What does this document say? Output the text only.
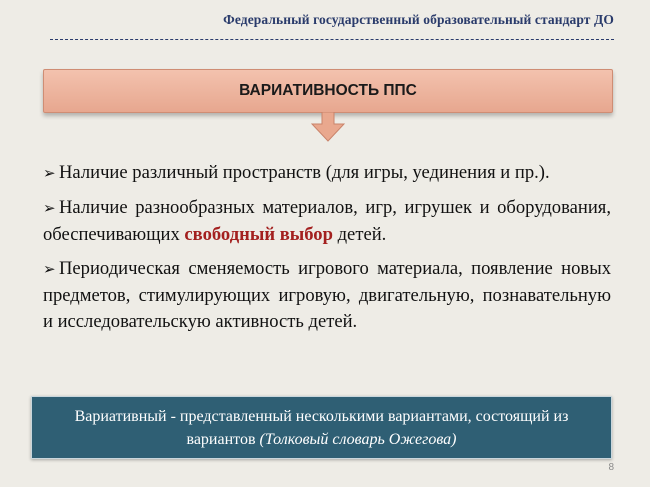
Федеральный государственный образовательный стандарт ДО
ВАРИАТИВНОСТЬ ППС

➢ Наличие различный пространств (для игры, уединения и пр.).

➢ Наличие разнообразных материалов, игр, игрушек и оборудования, обеспечивающих свободный выбор детей.

➢ Периодическая сменяемость игрового материала, появление новых предметов, стимулирующих игровую, двигательную, познавательную и исследовательскую активность детей.

Вариативный - представленный несколькими вариантами, состоящий из вариантов (Толковый словарь Ожегова)
8
